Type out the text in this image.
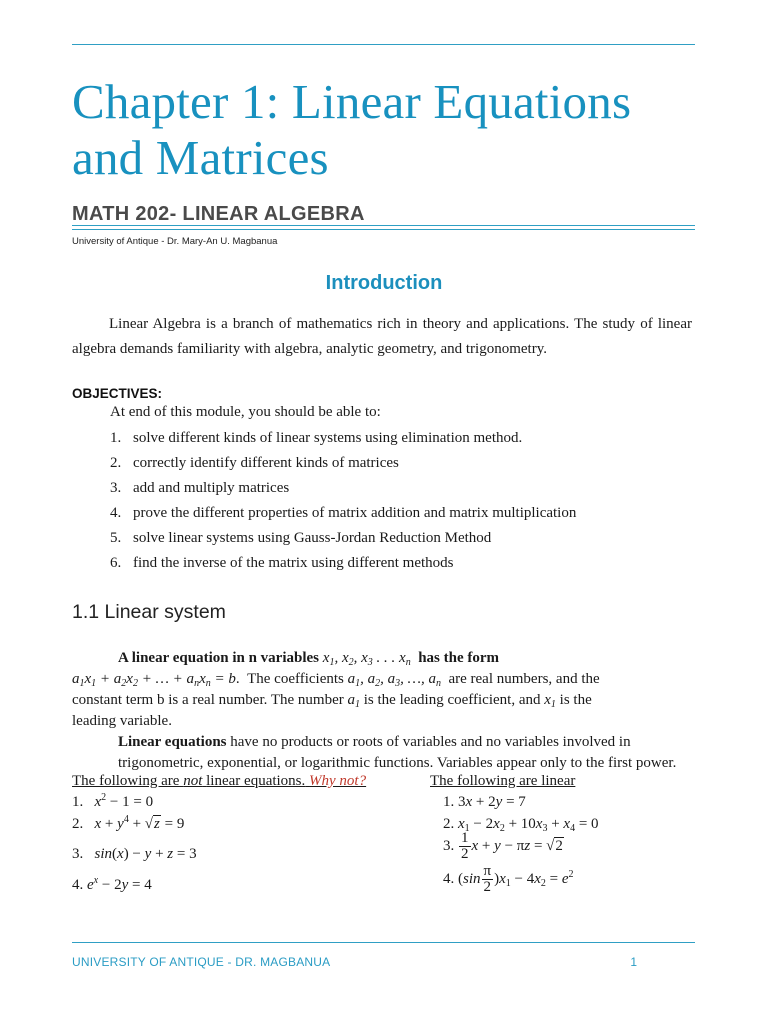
Chapter 1: Linear Equations and Matrices
MATH 202- LINEAR ALGEBRA
University of Antique - Dr. Mary-An U. Magbanua
Introduction
Linear Algebra is a branch of mathematics rich in theory and applications. The study of linear algebra demands familiarity with algebra, analytic geometry, and trigonometry.
OBJECTIVES:
At end of this module, you should be able to:
1. solve different kinds of linear systems using elimination method.
2. correctly identify different kinds of matrices
3. add and multiply matrices
4. prove the different properties of matrix addition and matrix multiplication
5. solve linear systems using Gauss-Jordan Reduction Method
6. find the inverse of the matrix using different methods
1.1 Linear system

A linear equation in n variables $x_1$, $x_2$, $x_3$ . . . $x_n$ has the form

$a_1x_1 + a_2x_2$ + … + $a_nx_n = b$.  The coefficients $a_1$, $a_2$, $a_3$, …, $a_n$ are real numbers, and the

constant term b is a real number. The number $a_1$ is the leading coefficient, and $x_1$ is the

leading variable.

Linear equations have no products or roots of variables and no variables involved in trigonometric, exponential, or logarithmic functions. Variables appear only to the first power.

The following are not linear equations. Why not?	The following are linear
1.   $x^2 - 1 = 0$
2.   $x + y^4 + √z = 9$
3.   sin(x) − y + z = 3
4. $e^x - 2y = 4$
1. 3x + 2y = 7
2. $x_1 - 2x_2 + 10x_3 + x_4 = 0$
3. $\frac{1}{2}$ x + y − πz = √2
4. $(\sin \frac{\pi}{2} )x_1 - 4x_2 = e^2$
UNIVERSITY OF ANTIQUE - DR. MAGBANUA	1
